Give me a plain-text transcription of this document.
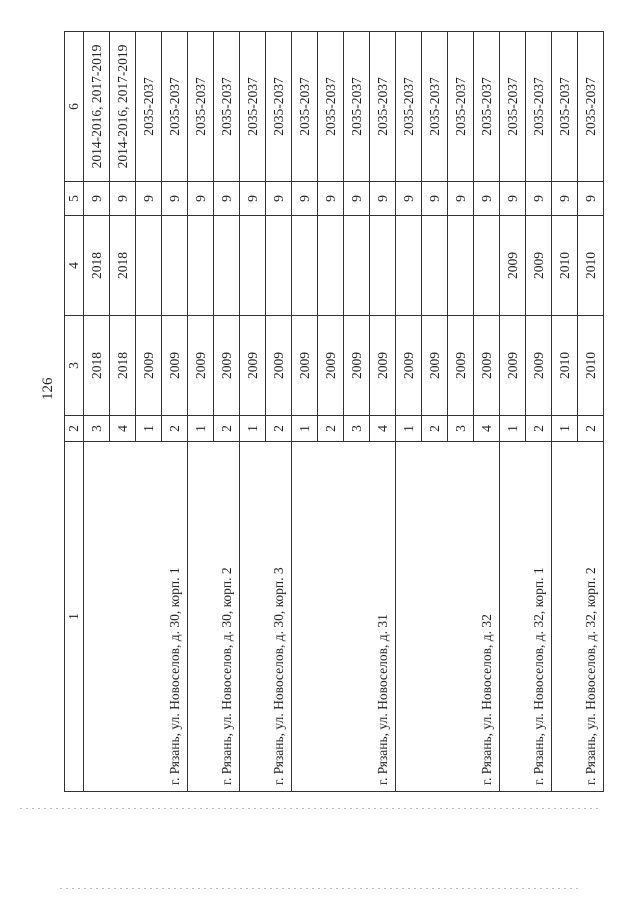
126
1	2	3	4	5	6
г. Рязань, ул. Новоселов, д. 30, корп. 1	3	2018	2018	9	2014-2016, 2017-2019
	4	2018	2018	9	2014-2016, 2017-2019
	1	2009		9	2035-2037
	2	2009		9	2035-2037
г. Рязань, ул. Новоселов, д. 30, корп. 2	1	2009		9	2035-2037
	2	2009		9	2035-2037
г. Рязань, ул. Новоселов, д. 30, корп. 3	1	2009		9	2035-2037
	2	2009		9	2035-2037
г. Рязань, ул. Новоселов, д. 31	1	2009		9	2035-2037
	2	2009		9	2035-2037
	3	2009		9	2035-2037
	4	2009		9	2035-2037
г. Рязань, ул. Новоселов, д. 32	1	2009		9	2035-2037
	2	2009		9	2035-2037
	3	2009		9	2035-2037
	4	2009		9	2035-2037
г. Рязань, ул. Новоселов, д. 32, корп. 1	1	2009	2009	9	2035-2037
	2	2009	2009	9	2035-2037
г. Рязань, ул. Новоселов, д. 32, корп. 2	1	2010	2010	9	2035-2037
	2	2010	2010	9	2035-2037
